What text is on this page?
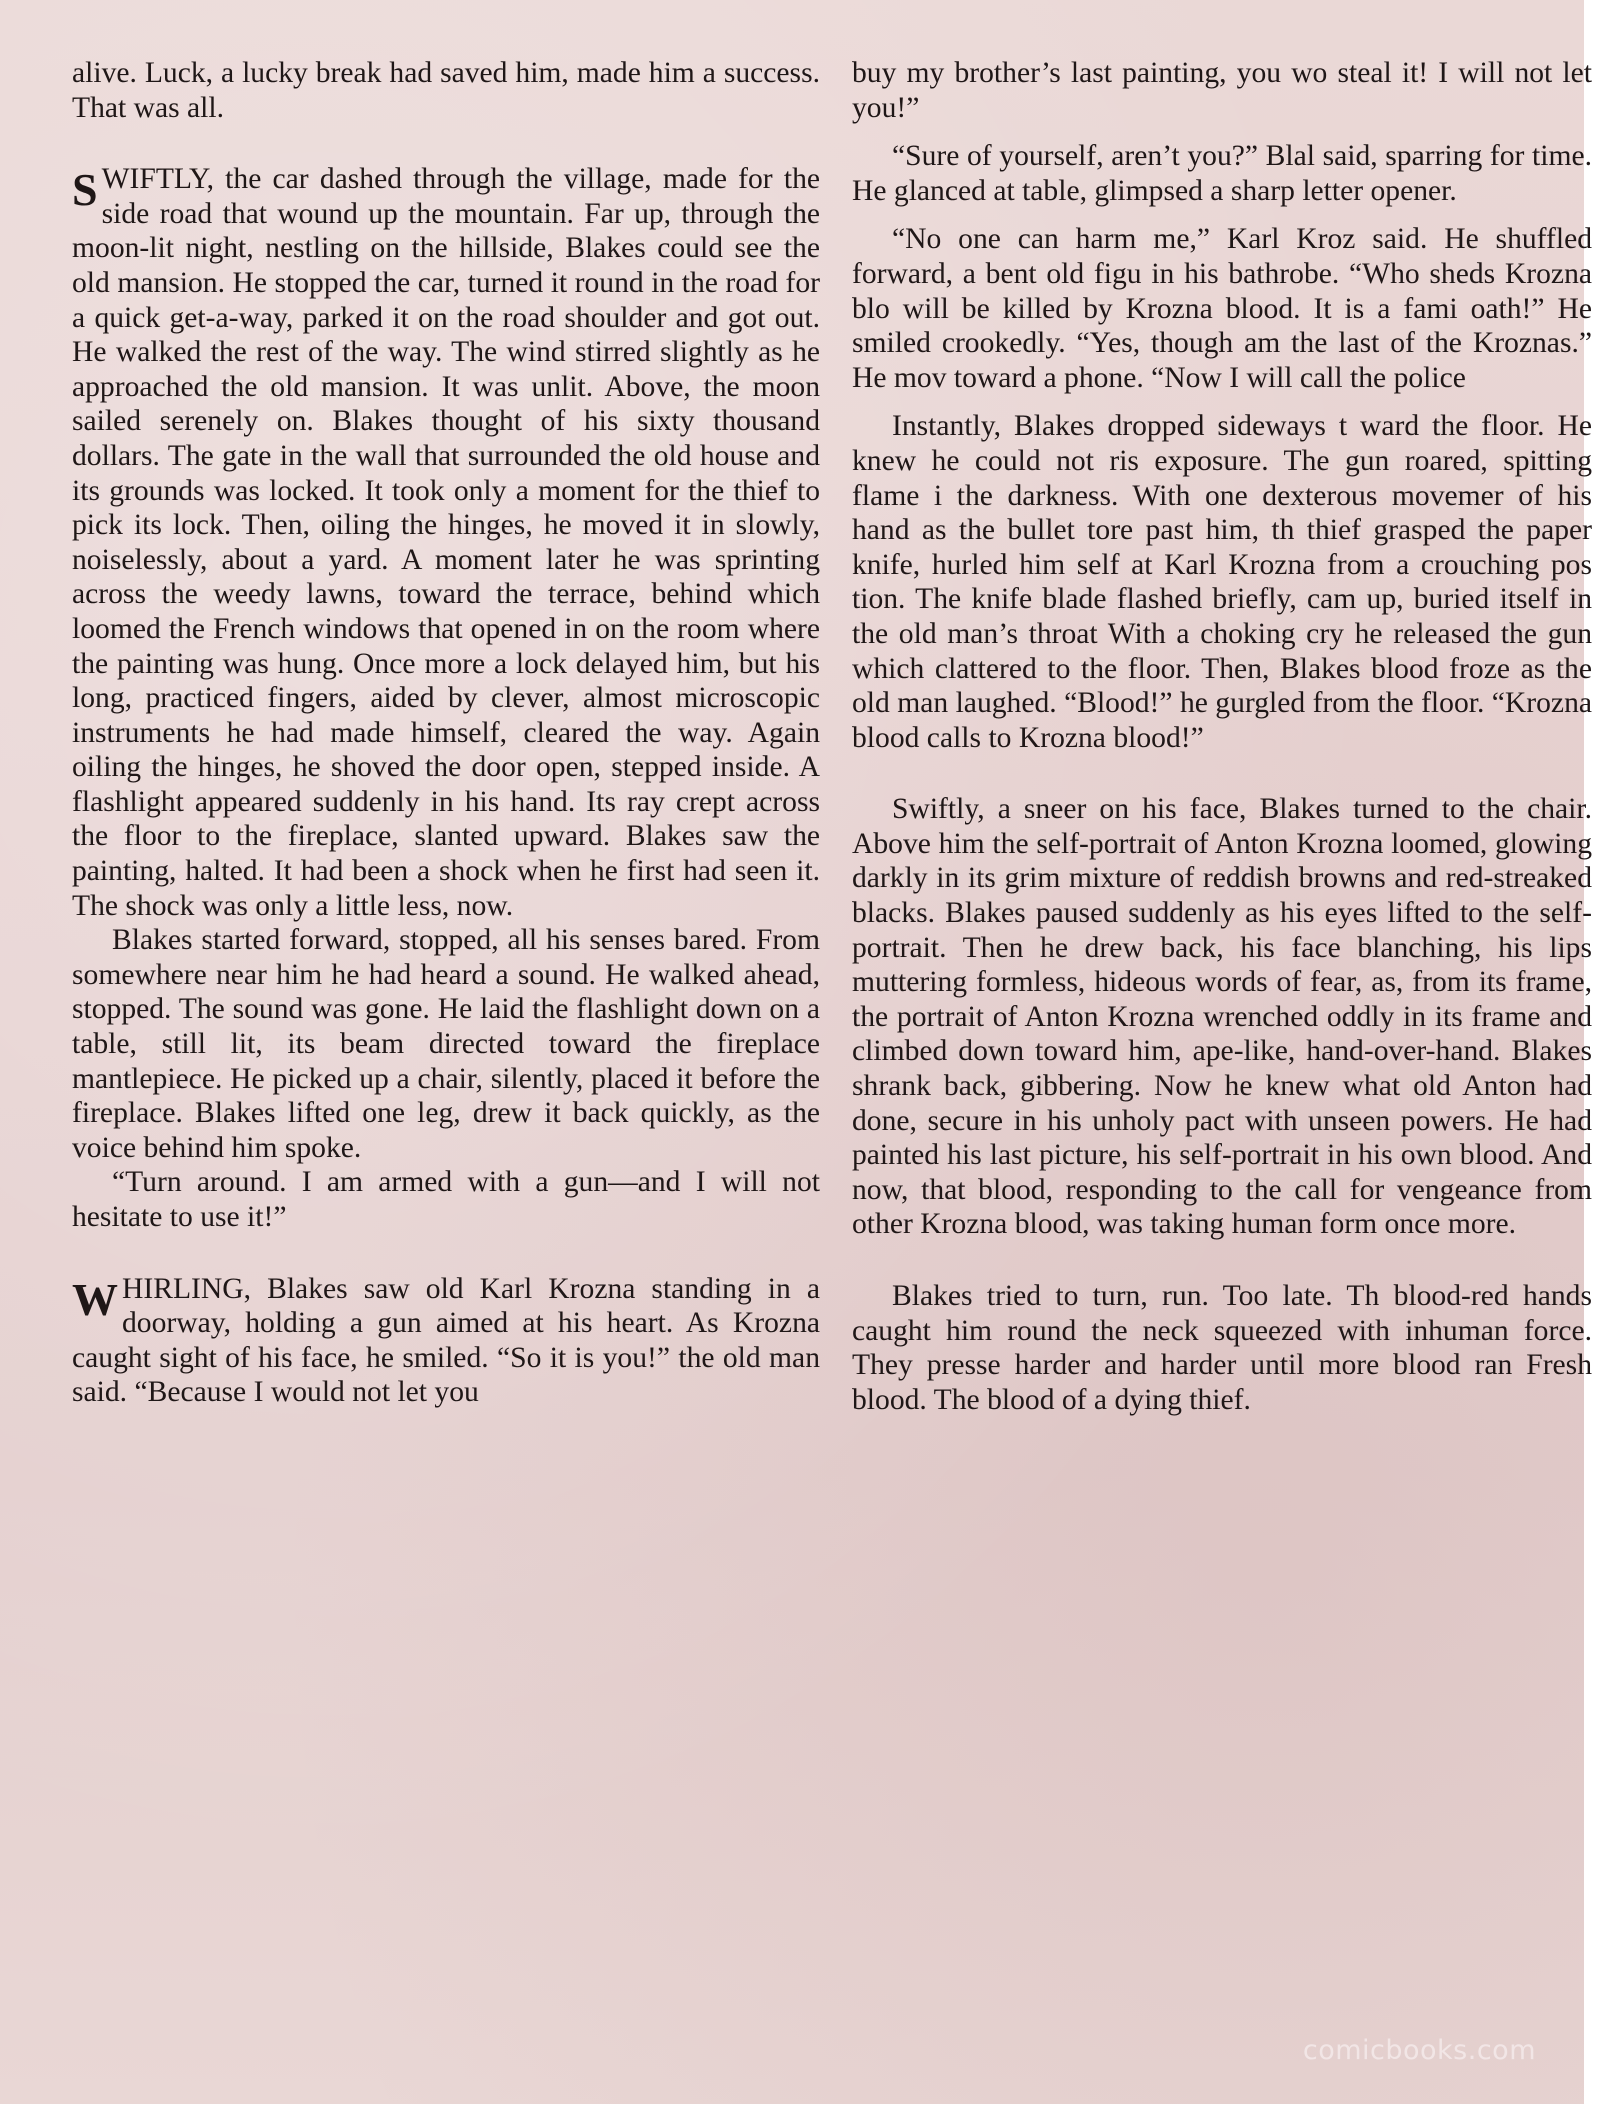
alive. Luck, a lucky break had saved him, made him a success. That was all.

SWIFTLY, the car dashed through the village, made for the side road that wound up the mountain. Far up, through the moon-lit night, nestling on the hillside, Blakes could see the old mansion. He stopped the car, turned it round in the road for a quick get-a-way, parked it on the road shoulder and got out. He walked the rest of the way. The wind stirred slightly as he approached the old mansion. It was unlit. Above, the moon sailed serenely on. Blakes thought of his sixty thousand dollars. The gate in the wall that surrounded the old house and its grounds was locked. It took only a moment for the thief to pick its lock. Then, oiling the hinges, he moved it in slowly, noiselessly, about a yard. A moment later he was sprinting across the weedy lawns, toward the terrace, behind which loomed the French windows that opened in on the room where the painting was hung. Once more a lock delayed him, but his long, practiced fingers, aided by clever, almost microscopic instruments he had made himself, cleared the way. Again oiling the hinges, he shoved the door open, stepped inside. A flashlight appeared suddenly in his hand. Its ray crept across the floor to the fireplace, slanted upward. Blakes saw the painting, halted. It had been a shock when he first had seen it. The shock was only a little less, now.

Blakes started forward, stopped, all his senses bared. From somewhere near him he had heard a sound. He walked ahead, stopped. The sound was gone. He laid the flashlight down on a table, still lit, its beam directed toward the fireplace mantlepiece. He picked up a chair, silently, placed it before the fireplace. Blakes lifted one leg, drew it back quickly, as the voice behind him spoke.

“Turn around. I am armed with a gun—and I will not hesitate to use it!”

WHIRLING, Blakes saw old Karl Krozna standing in a doorway, holding a gun aimed at his heart. As Krozna caught sight of his face, he smiled. “So it is you!” the old man said. “Because I would not let you

buy my brother’s last painting, you wo steal it! I will not let you!”

“Sure of yourself, aren’t you?” Blal said, sparring for time. He glanced at table, glimpsed a sharp letter opener.

“No one can harm me,” Karl Kroz said. He shuffled forward, a bent old figu in his bathrobe. “Who sheds Krozna blo will be killed by Krozna blood. It is a fami oath!” He smiled crookedly. “Yes, though am the last of the Kroznas.” He mov toward a phone. “Now I will call the police

Instantly, Blakes dropped sideways t ward the floor. He knew he could not ris exposure. The gun roared, spitting flame i the darkness. With one dexterous movemer of his hand as the bullet tore past him, th thief grasped the paper knife, hurled him self at Karl Krozna from a crouching pos tion. The knife blade flashed briefly, cam up, buried itself in the old man’s throat With a choking cry he released the gun which clattered to the floor. Then, Blakes blood froze as the old man laughed. “Blood!” he gurgled from the floor. “Krozna blood calls to Krozna blood!”

Swiftly, a sneer on his face, Blakes turned to the chair. Above him the self-portrait of Anton Krozna loomed, glowing darkly in its grim mixture of reddish browns and red-streaked blacks. Blakes paused suddenly as his eyes lifted to the self-portrait. Then he drew back, his face blanching, his lips muttering formless, hideous words of fear, as, from its frame, the portrait of Anton Krozna wrenched oddly in its frame and climbed down toward him, ape-like, hand-over-hand. Blakes shrank back, gibbering. Now he knew what old Anton had done, secure in his unholy pact with unseen powers. He had painted his last picture, his self-portrait in his own blood. And now, that blood, responding to the call for vengeance from other Krozna blood, was taking human form once more.

Blakes tried to turn, run. Too late. Th blood-red hands caught him round the neck squeezed with inhuman force. They presse harder and harder until more blood ran Fresh blood. The blood of a dying thief.

comicbooks.com
